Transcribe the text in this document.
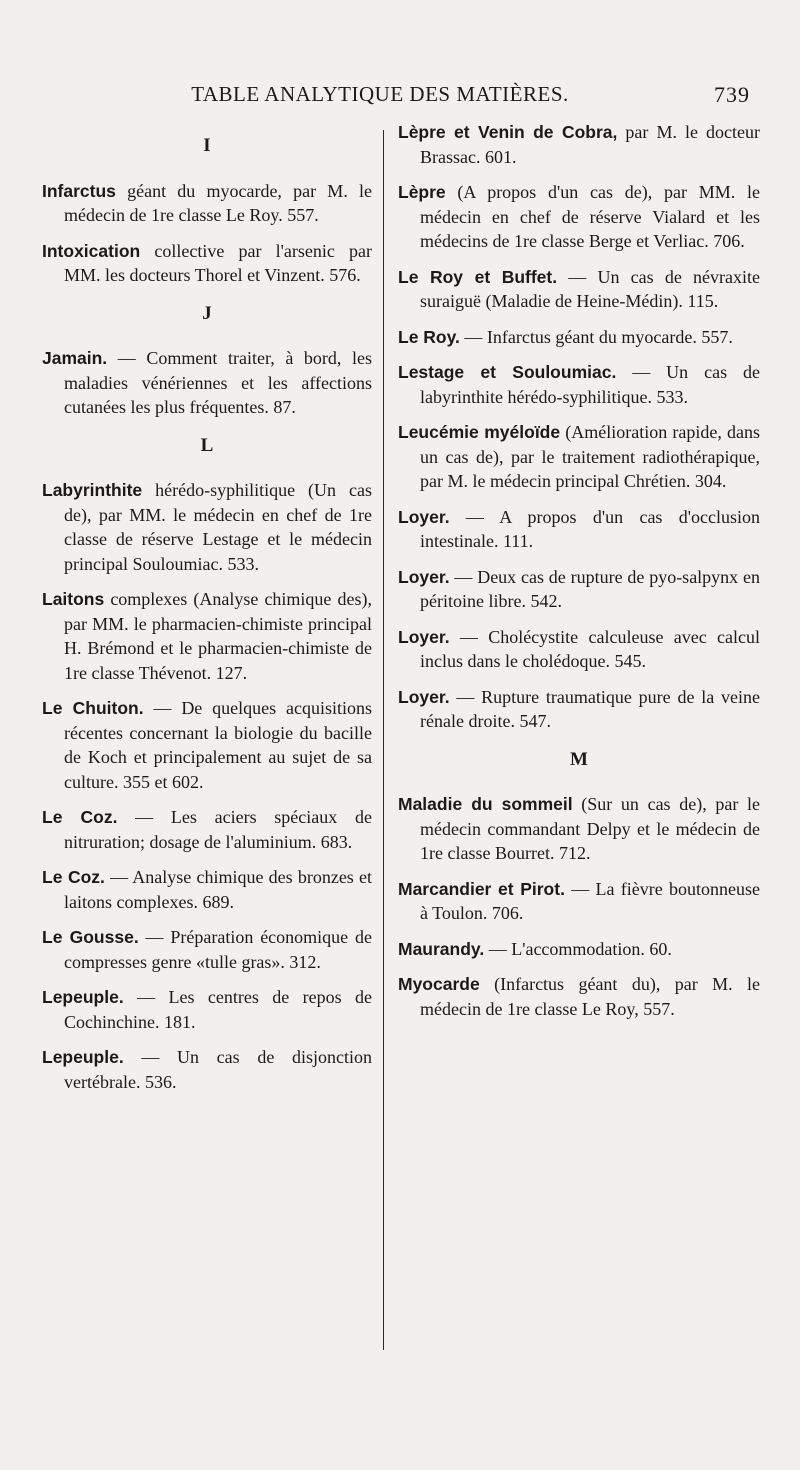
TABLE ANALYTIQUE DES MATIÈRES.	739
I
Infarctus géant du myocarde, par M. le médecin de 1re classe Le Roy. 557.
Intoxication collective par l'arsenic par MM. les docteurs Thorel et Vinzent. 576.
J
Jamain. — Comment traiter, à bord, les maladies vénériennes et les affections cutanées les plus fréquentes. 87.
L
Labyrinthite hérédo-syphilitique (Un cas de), par MM. le médecin en chef de 1re classe de réserve Lestage et le médecin principal Souloumiac. 533.
Laitons complexes (Analyse chimique des), par MM. le pharmacien-chimiste principal H. Brémond et le pharmacien-chimiste de 1re classe Thévenot. 127.
Le Chuiton. — De quelques acquisitions récentes concernant la biologie du bacille de Koch et principalement au sujet de sa culture. 355 et 602.
Le Coz. — Les aciers spéciaux de nitruration; dosage de l'aluminium. 683.
Le Coz. — Analyse chimique des bronzes et laitons complexes. 689.
Le Gousse. — Préparation économique de compresses genre «tulle gras». 312.
Lepeuple. — Les centres de repos de Cochinchine. 181.
Lepeuple. — Un cas de disjonction vertébrale. 536.
Lèpre et Venin de Cobra, par M. le docteur Brassac. 601.
Lèpre (A propos d'un cas de), par MM. le médecin en chef de réserve Vialard et les médecins de 1re classe Berge et Verliac. 706.
Le Roy et Buffet. — Un cas de névraxite suraiguë (Maladie de Heine-Médin). 115.
Le Roy. — Infarctus géant du myocarde. 557.
Lestage et Souloumiac. — Un cas de labyrinthite hérédo-syphilitique. 533.
Leucémie myéloïde (Amélioration rapide, dans un cas de), par le traitement radiothérapique, par M. le médecin principal Chrétien. 304.
Loyer. — A propos d'un cas d'occlusion intestinale. 111.
Loyer. — Deux cas de rupture de pyo-salpynx en péritoine libre. 542.
Loyer. — Cholécystite calculeuse avec calcul inclus dans le cholédoque. 545.
Loyer. — Rupture traumatique pure de la veine rénale droite. 547.
M
Maladie du sommeil (Sur un cas de), par le médecin commandant Delpy et le médecin de 1re classe Bourret. 712.
Marcandier et Pirot. — La fièvre boutonneuse à Toulon. 706.
Maurandy. — L'accommodation. 60.
Myocarde (Infarctus géant du), par M. le médecin de 1re classe Le Roy, 557.
